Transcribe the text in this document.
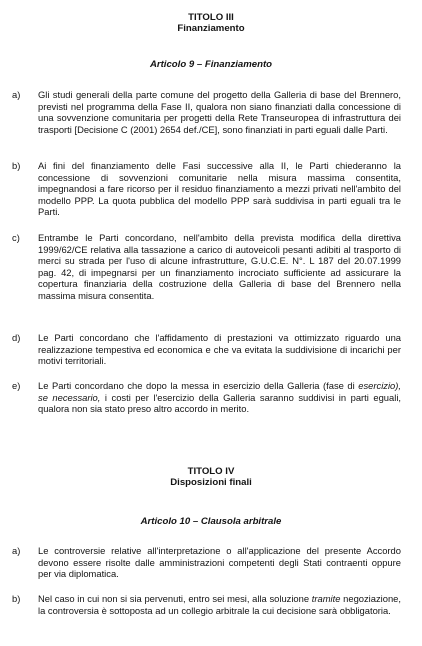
TITOLO III
Finanziamento
Articolo 9 – Finanziamento
a) Gli studi generali della parte comune del progetto della Galleria di base del Brennero, previsti nel programma della Fase II, qualora non siano finanziati dalla concessione di una sovvenzione comunitaria per progetti della Rete Transeuropea di infrastruttura dei trasporti [Decisione C (2001) 2654 def./CE], sono finanziati in parti eguali dalle Parti.

b) Ai fini del finanziamento delle Fasi successive alla II, le Parti chiederanno la concessione di sovvenzioni comunitarie nella misura massima consentita, impegnandosi a fare ricorso per il residuo finanziamento a mezzi privati nell'ambito del modello PPP. La quota pubblica del modello PPP sarà suddivisa in parti eguali tra le Parti.

c) Entrambe le Parti concordano, nell'ambito della prevista modifica della direttiva 1999/62/CE relativa alla tassazione a carico di autoveicoli pesanti adibiti al trasporto di merci su strada per l'uso di alcune infrastrutture, G.U.C.E. N°. L 187 del 20.07.1999 pag. 42, di impegnarsi per un finanziamento incrociato sufficiente ad assicurare la copertura finanziaria della costruzione della Galleria di base del Brennero nella massima misura consentita.

d) Le Parti concordano che l'affidamento di prestazioni va ottimizzato riguardo una realizzazione tempestiva ed economica e che va evitata la suddivisione di incarichi per motivi territoriali.

e) Le Parti concordano che dopo la messa in esercizio della Galleria (fase di esercizio), se necessario, i costi per l'esercizio della Galleria saranno suddivisi in parti eguali, qualora non sia stato preso altro accordo in merito.

TITOLO IV
Disposizioni finali
Articolo 10 – Clausola arbitrale
a) Le controversie relative all'interpretazione o all'applicazione del presente Accordo devono essere risolte dalle amministrazioni competenti degli Stati contraenti oppure per via diplomatica.

b) Nel caso in cui non si sia pervenuti, entro sei mesi, alla soluzione tramite negoziazione, la controversia è sottoposta ad un collegio arbitrale la cui decisione sarà obbligatoria.
